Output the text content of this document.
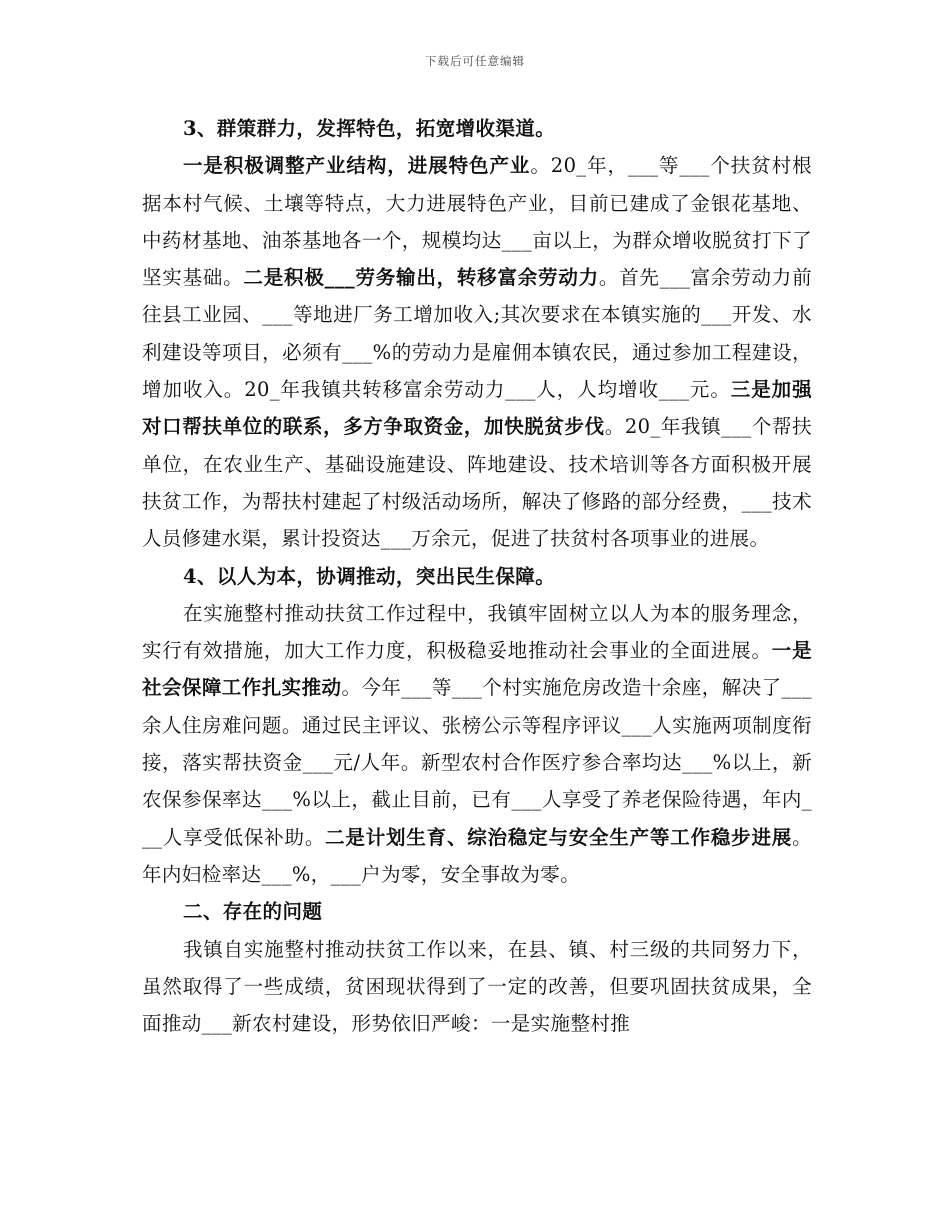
下载后可任意编辑

3、群策群力，发挥特色，拓宽增收渠道。

一是积极调整产业结构，进展特色产业。20_年，___等___个扶贫村根据本村气候、土壤等特点，大力进展特色产业，目前已建成了金银花基地、中药材基地、油茶基地各一个，规模均达___亩以上，为群众增收脱贫打下了坚实基础。二是积极___劳务输出，转移富余劳动力。首先___富余劳动力前往县工业园、___等地进厂务工增加收入;其次要求在本镇实施的___开发、水利建设等项目，必须有___%的劳动力是雇佣本镇农民，通过参加工程建设，增加收入。20_年我镇共转移富余劳动力___人，人均增收___元。三是加强对口帮扶单位的联系，多方争取资金，加快脱贫步伐。20_年我镇___个帮扶单位，在农业生产、基础设施建设、阵地建设、技术培训等各方面积极开展扶贫工作，为帮扶村建起了村级活动场所，解决了修路的部分经费，___技术人员修建水渠，累计投资达___万余元，促进了扶贫村各项事业的进展。

4、以人为本，协调推动，突出民生保障。

在实施整村推动扶贫工作过程中，我镇牢固树立以人为本的服务理念，实行有效措施，加大工作力度，积极稳妥地推动社会事业的全面进展。一是社会保障工作扎实推动。今年___等___个村实施危房改造十余座，解决了___余人住房难问题。通过民主评议、张榜公示等程序评议___人实施两项制度衔接，落实帮扶资金___元/人年。新型农村合作医疗参合率均达___%以上，新农保参保率达___%以上，截止目前，已有___人享受了养老保险待遇，年内___人享受低保补助。二是计划生育、综治稳定与安全生产等工作稳步进展。年内妇检率达___%，___户为零，安全事故为零。

二、存在的问题

我镇自实施整村推动扶贫工作以来，在县、镇、村三级的共同努力下，虽然取得了一些成绩，贫困现状得到了一定的改善，但要巩固扶贫成果，全面推动___新农村建设，形势依旧严峻：一是实施整村推
